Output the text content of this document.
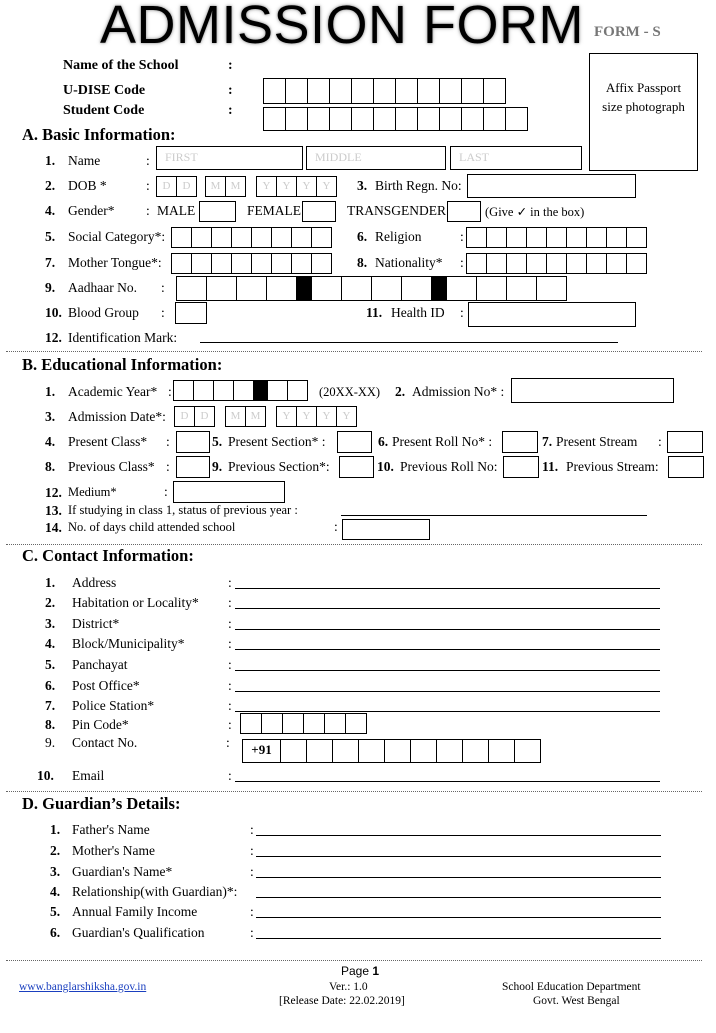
ADMISSION FORM FORM - S
Name of the School	:
U-DISE Code	:
Student Code	:
Affix Passport size photograph
A. Basic Information:
1. Name	:	FIRST	MIDDLE	LAST
2. DOB *	:	D	D	M M	Y	Y	Y	Y	3. Birth Regn. No:
4. Gender* : MALE	FEMALE	TRANSGENDER	(Give ✓ in the box)
5. Social Category*:	6. Religion	:
7. Mother Tongue*:	8. Nationality* :
9. Aadhaar No. :
10. Blood Group :	11. Health ID :
12. Identification Mark:
B. Educational Information:
1. Academic Year* :	(20XX-XX) 2. Admission No* :
3. Admission Date*:	D	D	M M	Y	Y	Y	Y
4. Present Class* :	5. Present Section* :	6. Present Roll No* :	7. Present Stream :
8. Previous Class* :	9. Previous Section*:	10. Previous Roll No:	11. Previous Stream:
12. Medium*	:
13. If studying in class 1, status of previous year :
14. No. of days child attended school	:
C. Contact Information:
1. Address	:
2. Habitation or Locality* :
3. District*	:
4. Block/Municipality*	:
5. Panchayat	:
6. Post Office*	:
7. Police Station*	:
8. Pin Code*	:
9. Contact No.	:	+91
10. Email	:
D. Guardian’s Details:
1. Father's Name	:
2. Mother's Name	:
3. Guardian's Name*	:
4. Relationship(with Guardian)*:
5. Annual Family Income	:
6. Guardian's Qualification	:
www.banglarshiksha.gov.in
Page 1
Ver.: 1.0
[Release Date: 22.02.2019]
School Education Department
Govt. West Bengal
